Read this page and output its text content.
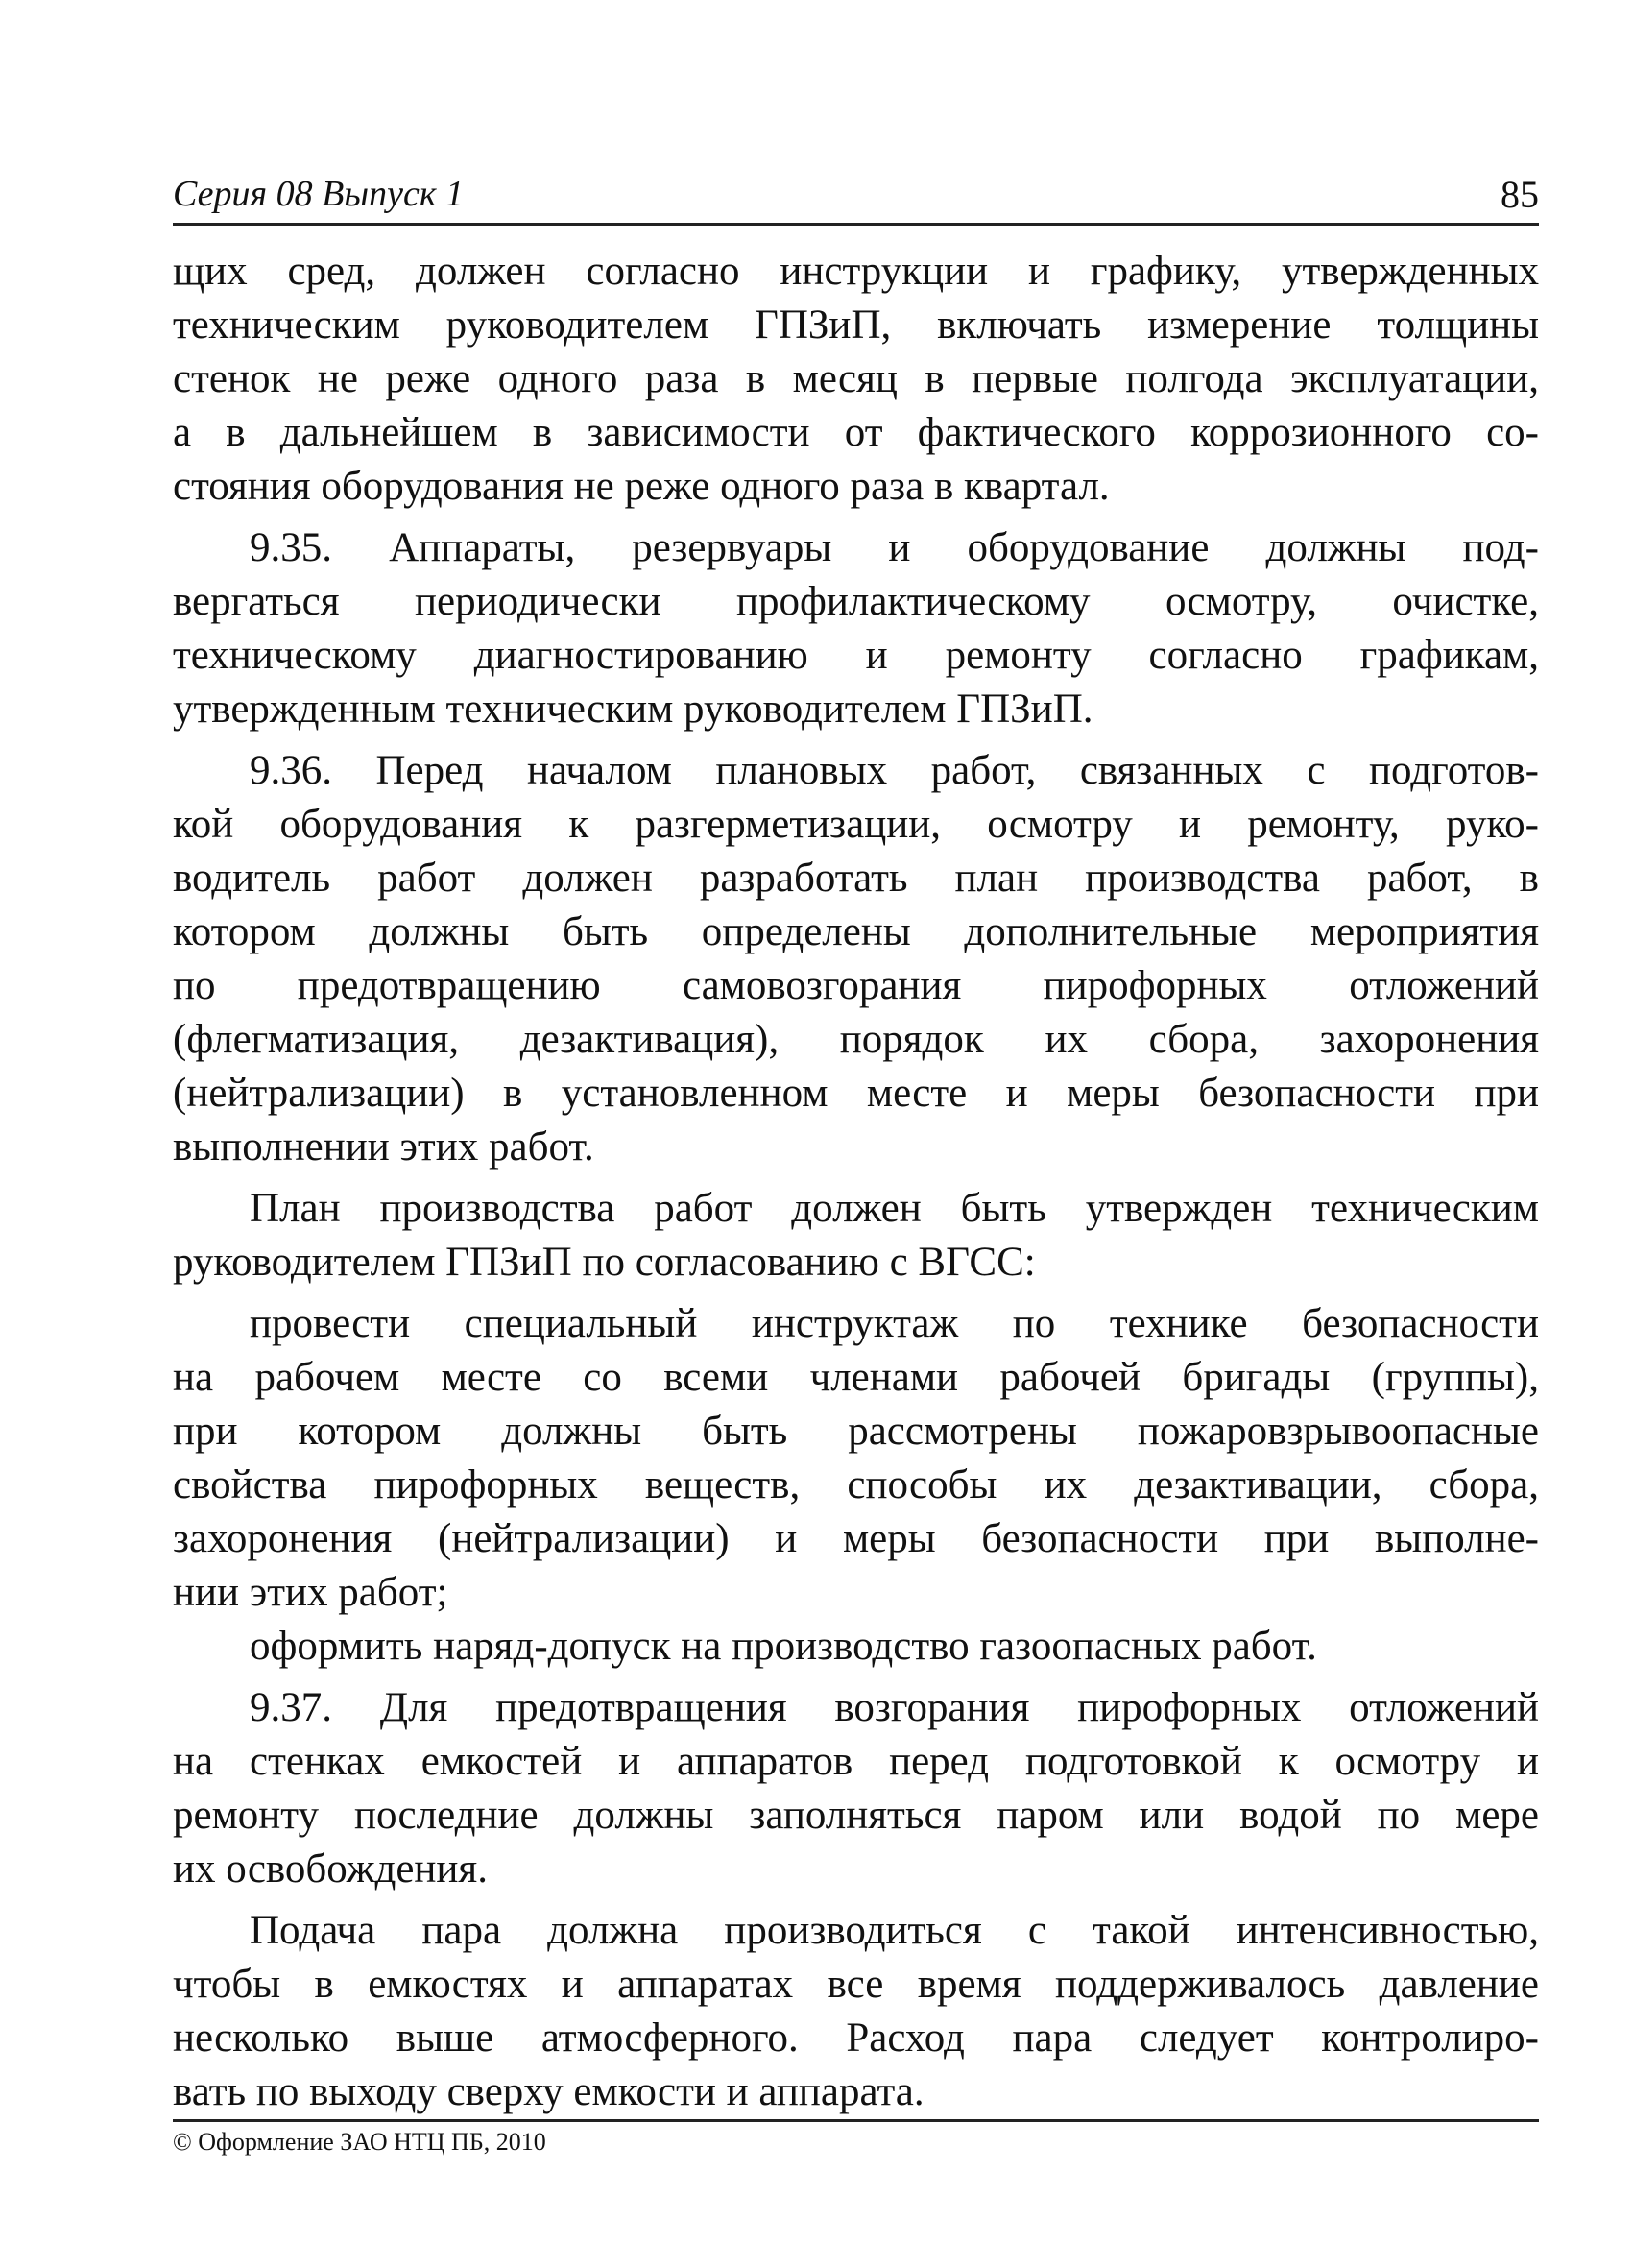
Серия 08 Выпуск 1	85
щих сред, должен согласно инструкции и графику, утвержденных
техническим руководителем ГПЗиП, включать измерение толщины
стенок не реже одного раза в месяц в первые полгода эксплуатации,
а в дальнейшем в зависимости от фактического коррозионного со-
стояния оборудования не реже одного раза в квартал.
9.35. Аппараты, резервуары и оборудование должны под-
вергаться периодически профилактическому осмотру, очистке,
техническому диагностированию и ремонту согласно графикам,
утвержденным техническим руководителем ГПЗиП.
9.36. Перед началом плановых работ, связанных с подготов-
кой оборудования к разгерметизации, осмотру и ремонту, руко-
водитель работ должен разработать план производства работ, в
котором должны быть определены дополнительные мероприятия
по предотвращению самовозгорания пирофорных отложений
(флегматизация, дезактивация), порядок их сбора, захоронения
(нейтрализации) в установленном месте и меры безопасности при
выполнении этих работ.
План производства работ должен быть утвержден техническим
руководителем ГПЗиП по согласованию с ВГСС:
провести специальный инструктаж по технике безопасности
на рабочем месте со всеми членами рабочей бригады (группы),
при котором должны быть рассмотрены пожаровзрывоопасные
свойства пирофорных веществ, способы их дезактивации, сбора,
захоронения (нейтрализации) и меры безопасности при выполне-
нии этих работ;
оформить наряд-допуск на производство газоопасных работ.
9.37. Для предотвращения возгорания пирофорных отложений
на стенках емкостей и аппаратов перед подготовкой к осмотру и
ремонту последние должны заполняться паром или водой по мере
их освобождения.
Подача пара должна производиться с такой интенсивностью,
чтобы в емкостях и аппаратах все время поддерживалось давление
несколько выше атмосферного. Расход пара следует контролиро-
вать по выходу сверху емкости и аппарата.
© Оформление ЗАО НТЦ ПБ, 2010
